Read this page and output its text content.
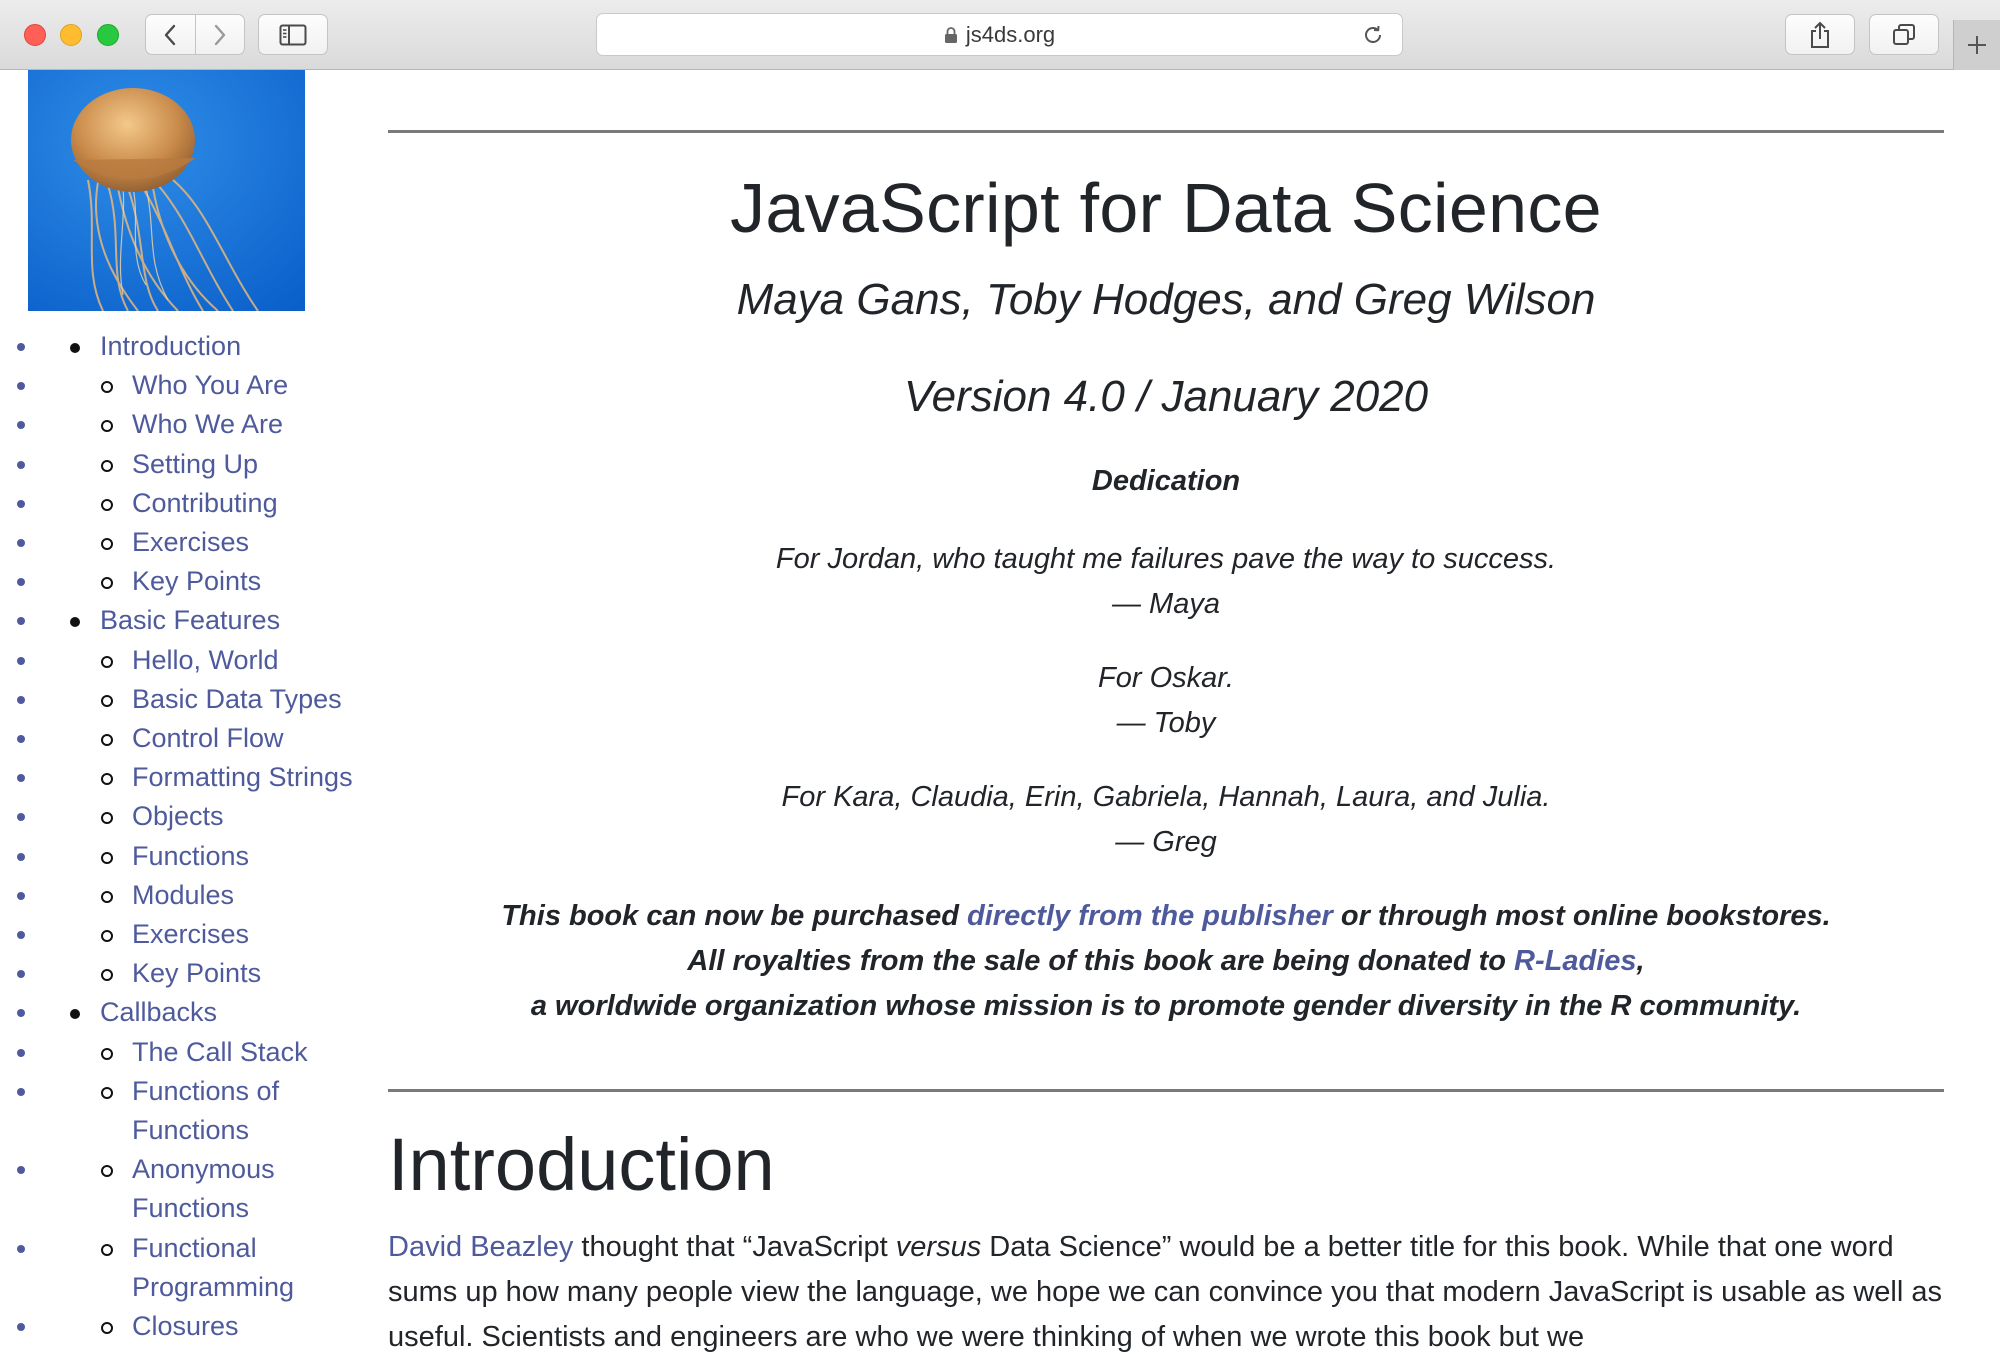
js4ds.org
• Introduction
• Who You Are
• Who We Are
• Setting Up
• Contributing
• Exercises
• Key Points
• Basic Features
• Hello, World
• Basic Data Types
• Control Flow
• Formatting Strings
• Objects
• Functions
• Modules
• Exercises
• Key Points
• Callbacks
• The Call Stack
• Functions of Functions
• Anonymous Functions
• Functional Programming
• Closures
JavaScript for Data Science
Maya Gans, Toby Hodges, and Greg Wilson
Version 4.0 / January 2020
Dedication
For Jordan, who taught me failures pave the way to success.
— Maya
For Oskar.
— Toby
For Kara, Claudia, Erin, Gabriela, Hannah, Laura, and Julia.
— Greg
This book can now be purchased directly from the publisher or through most online bookstores.
All royalties from the sale of this book are being donated to R-Ladies,
a worldwide organization whose mission is to promote gender diversity in the R community.
Introduction

David Beazley thought that “JavaScript versus Data Science” would be a better title for this book. While that one word sums up how many people view the language, we hope we can convince you that modern JavaScript is usable as well as useful. Scientists and engineers are who we were thinking of when we wrote this book but we
